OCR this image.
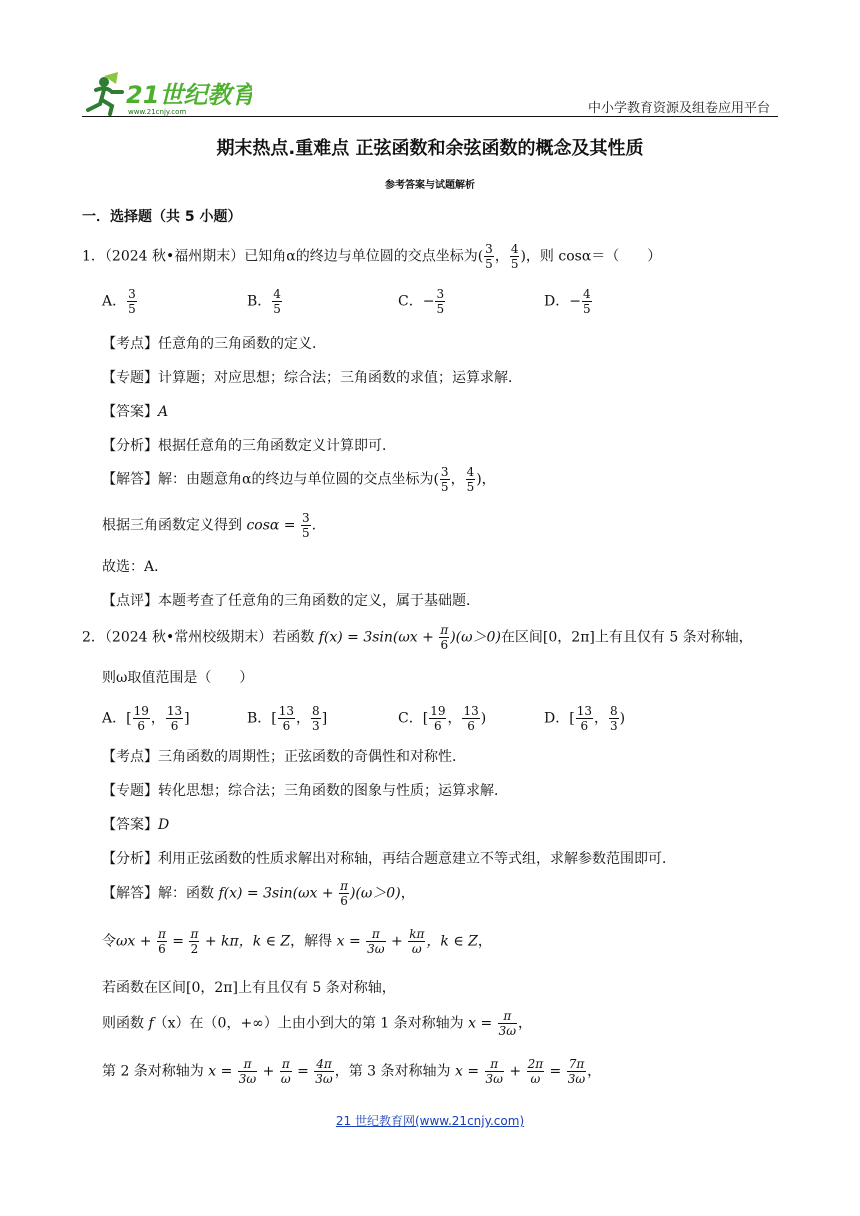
21世纪教育
www.21cnjy.com	中小学教育资源及组卷应用平台
期末热点.重难点 正弦函数和余弦函数的概念及其性质
参考答案与试题解析
一．选择题（共 5 小题）
1．（2024 秋•福州期末）已知角α的终边与单位圆的交点坐标为( $\frac{3}{5}$ ， $\frac{4}{5}$ )，则 cosα＝（　　）
A． $\frac{3}{5}$	B． $\frac{4}{5}$	C．− $\frac{3}{5}$	D．− $\frac{4}{5}$
【考点】任意角的三角函数的定义．
【专题】计算题；对应思想；综合法；三角函数的求值；运算求解．
【答案】A
【分析】根据任意角的三角函数定义计算即可．
【解答】解：由题意角α的终边与单位圆的交点坐标为( $\frac{3}{5}$ ， $\frac{4}{5}$ )，
根据三角函数定义得到 $\cos\alpha = \frac{3}{5}$ .
故选：A．
【点评】本题考查了任意角的三角函数的定义，属于基础题．
2．（2024 秋•常州校级期末）若函数 $f(x) = 3\sin(\omega x + \frac{\pi}{6} )(\omega>0)$在区间[0，2π]上有且仅有 5 条对称轴，
则ω取值范围是（　　）
A．[ $\frac{19}{6}$ ， $\frac{13}{6}$ ]	B．[ $\frac{13}{6}$ ， $\frac{8}{3}$ ]	C．[ $\frac{19}{6}$ ， $\frac{13}{6}$ )	D．[ $\frac{13}{6}$ ， $\frac{8}{3}$ )
【考点】三角函数的周期性；正弦函数的奇偶性和对称性．
【专题】转化思想；综合法；三角函数的图象与性质；运算求解．
【答案】D
【分析】利用正弦函数的性质求解出对称轴，再结合题意建立不等式组，求解参数范围即可．
【解答】解：函数 $f(x) = 3\sin(\omega x + \frac{\pi}{6} )(\omega>0)$，
令$\omega x + \frac{\pi}{6} = \frac{\pi}{2} + k\pi$，k ∈ Z，解得 $x = \frac{\pi}{3\omega} + \frac{k\pi}{\omega}$ ，k ∈ Z，
若函数在区间[0，2π]上有且仅有 5 条对称轴，
则函数 f（x）在（0，+∞）上由小到大的第 1 条对称轴为 $x = \frac{\pi}{3\omega}$ ，
第 2 条对称轴为 $x = \frac{\pi}{3\omega} + \frac{\pi}{\omega} = \frac{4\pi}{3\omega}$ ，第 3 条对称轴为 $x = \frac{\pi}{3\omega} + \frac{2\pi}{\omega} = \frac{7\pi}{3\omega}$ ，
21 世纪教育网(www.21cnjy.com)
